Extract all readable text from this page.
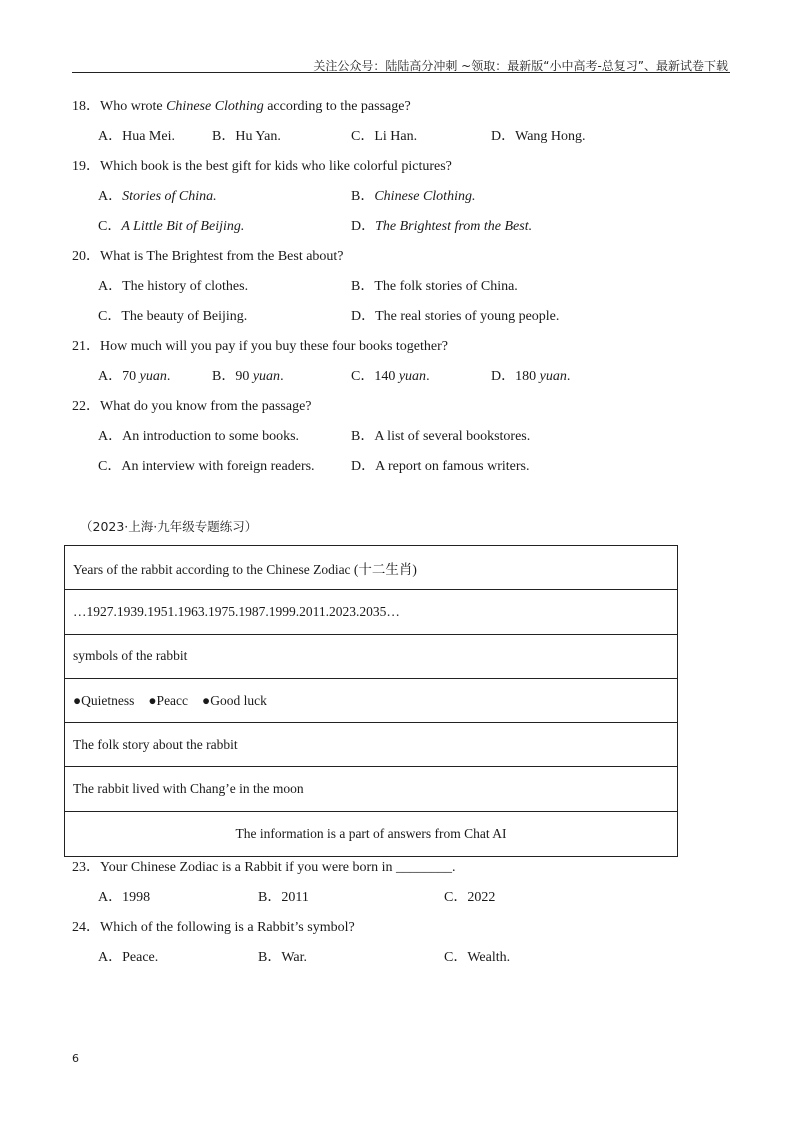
关注公众号：陆陆高分冲刺 ~领取：最新版“小中高考-总复习”、最新试卷下载
18．Who wrote Chinese Clothing according to the passage?
A．Hua Mei.	B．Hu Yan.	C．Li Han.	D．Wang Hong.
19．Which book is the best gift for kids who like colorful pictures?
A．Stories of China.	B．Chinese Clothing.
C．A Little Bit of Beijing.	D．The Brightest from the Best.
20．What is The Brightest from the Best about?
A．The history of clothes.	B．The folk stories of China.
C．The beauty of Beijing.	D．The real stories of young people.
21．How much will you pay if you buy these four books together?
A．70 yuan.	B．90 yuan.	C．140 yuan.	D．180 yuan.
22．What do you know from the passage?
A．An introduction to some books.	B．A list of several bookstores.
C．An interview with foreign readers.	D．A report on famous writers.
（2023·上海·九年级专题练习）
Years of the rabbit according to the Chinese Zodiac (十二生肖)
…1927.1939.1951.1963.1975.1987.1999.2011.2023.2035…
symbols of the rabbit
●Quietness ●Peacc ●Good luck
The folk story about the rabbit
The rabbit lived with Chang’e in the moon
The information is a part of answers from Chat AI
23．Your Chinese Zodiac is a Rabbit if you were born in ________.
A．1998	B．2011	C．2022
24．Which of the following is a Rabbit’s symbol?
A．Peace.	B．War.	C．Wealth.
6
